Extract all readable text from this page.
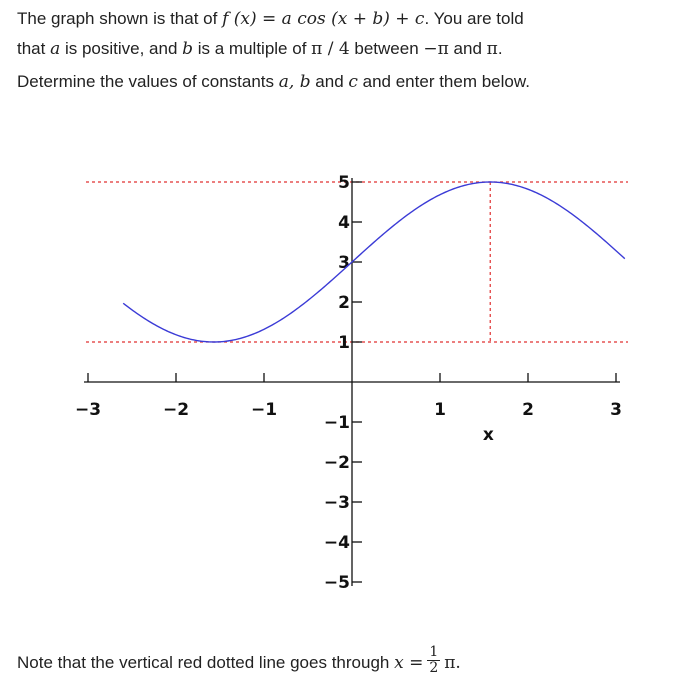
The graph shown is that of f (x) = a cos (x + b) + c. You are told
that a is positive, and b is a multiple of π / 4 between −π and π.
Determine the values of constants a, b and c and enter them below.
−3	−2	−1	1	2	3
5
4
3
2
1
−1
−2
−3
−4
−5
x
Note that the vertical red dotted line goes through $x = \frac{1}{2} \pi$.
